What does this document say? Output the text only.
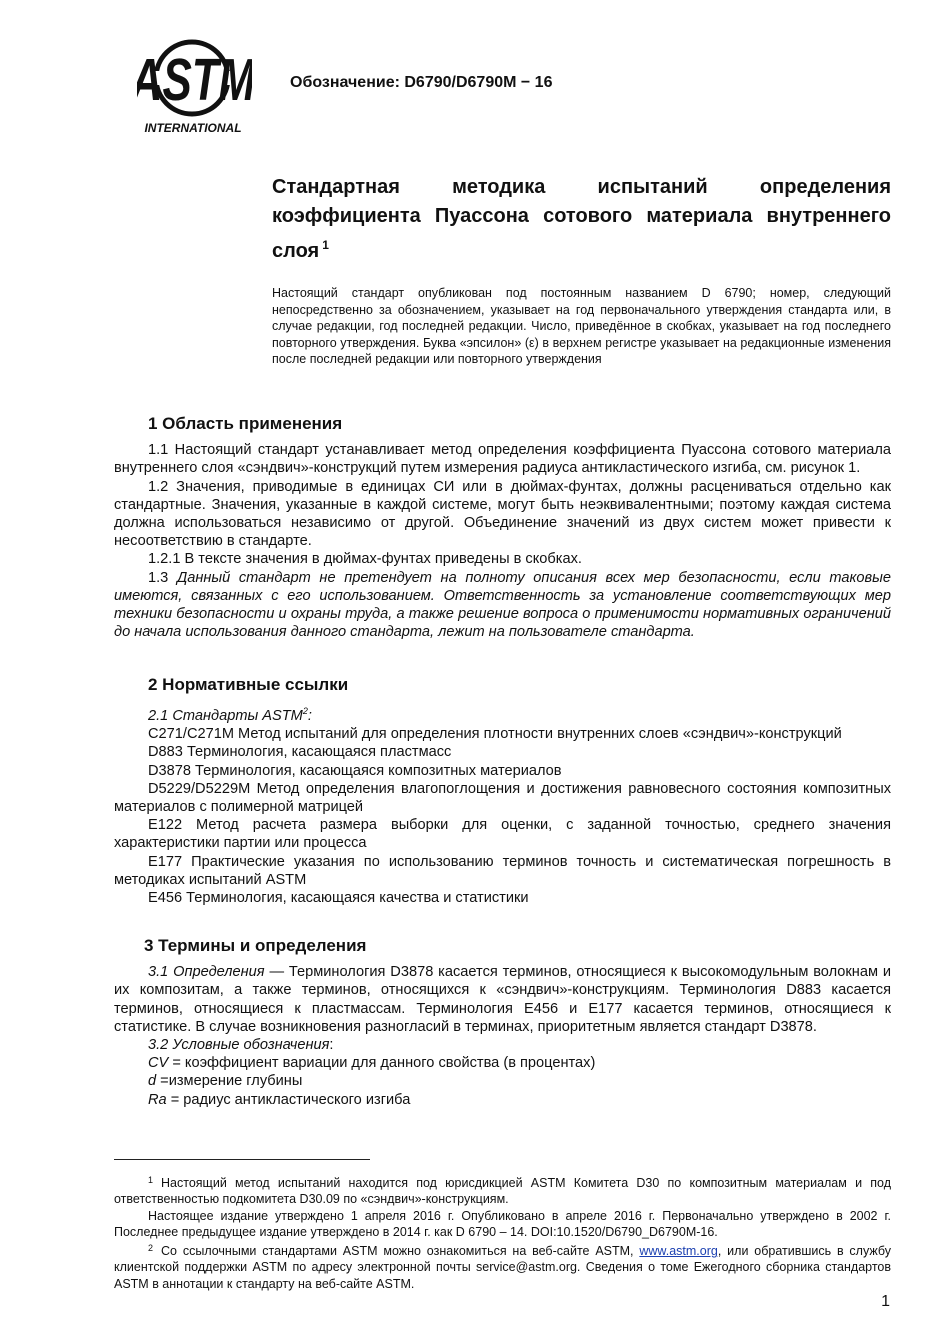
ASTM
INTERNATIONAL
Обозначение: D6790/D6790M − 16
Стандартная методика испытаний определения коэффициента Пуассона сотового материала внутреннего слоя $^1$
Настоящий стандарт опубликован под постоянным названием D 6790; номер, следующий непосредственно за обозначением, указывает на год первоначального утверждения стандарта или, в случае редакции, год последней редакции. Число, приведённое в скобках, указывает на год последнего повторного утверждения. Буква «эпсилон» (ε) в верхнем регистре указывает на редакционные изменения после последней редакции или повторного утверждения

1 Область применения

1.1 Настоящий стандарт устанавливает метод определения коэффициента Пуассона сотового материала внутреннего слоя «сэндвич»-конструкций путем измерения радиуса антикластического изгиба, см. рисунок 1.

1.2 Значения, приводимые в единицах СИ или в дюймах-фунтах, должны расцениваться отдельно как стандартные. Значения, указанные в каждой системе, могут быть неэквивалентными; поэтому каждая система должна использоваться независимо от другой. Объединение значений из двух систем может привести к несоответствию в стандарте.

1.2.1 В тексте значения в дюймах-фунтах приведены в скобках.

1.3 Данный стандарт не претендует на полноту описания всех мер безопасности, если таковые имеются, связанных с его использованием. Ответственность за установление соответствующих мер техники безопасности и охраны труда, а также решение вопроса о применимости нормативных ограничений до начала использования данного стандарта, лежит на пользователе стандарта.

2 Нормативные ссылки

2.1 Стандарты ASTM$^2$:

C271/C271M Метод испытаний для определения плотности внутренних слоев «сэндвич»-конструкций

D883 Терминология, касающаяся пластмасс

D3878 Терминология, касающаяся композитных материалов

D5229/D5229M Метод определения влагопоглощения и достижения равновесного состояния композитных материалов с полимерной матрицей

E122 Метод расчета размера выборки для оценки, с заданной точностью, среднего значения характеристики партии или процесса

E177 Практические указания по использованию терминов точность и систематическая погрешность в методиках испытаний ASTM

E456 Терминология, касающаяся качества и статистики

3 Термины и определения

3.1 Определения — Терминология D3878 касается терминов, относящиеся к высокомодульным волокнам и их композитам, а также терминов, относящихся к «сэндвич»-конструкциям. Терминология D883 касается терминов, относящиеся к пластмассам. Терминология E456 и E177 касается терминов, относящиеся к статистике. В случае возникновения разногласий в терминах, приоритетным является стандарт D3878.

3.2 Условные обозначения:

CV = коэффициент вариации для данного свойства (в процентах)

d =измерение глубины

Ra = радиус антикластического изгиба

$^1$ Настоящий метод испытаний находится под юрисдикцией ASTM Комитета D30 по композитным материалам и под ответственностью подкомитета D30.09 по «сэндвич»-конструкциям.

Настоящее издание утверждено 1 апреля 2016 г. Опубликовано в апреле 2016 г. Первоначально утверждено в 2002 г. Последнее предыдущее издание утверждено в 2014 г. как D 6790 – 14. DOI:10.1520/D6790_D6790M-16.

$^2$ Со ссылочными стандартами ASTM можно ознакомиться на веб-сайте ASTM, www.astm.org, или обратившись в службу клиентской поддержки ASTM по адресу электронной почты service@astm.org. Сведения о томе Ежегодного сборника стандартов ASTM в аннотации к стандарту на веб-сайте ASTM.

1
